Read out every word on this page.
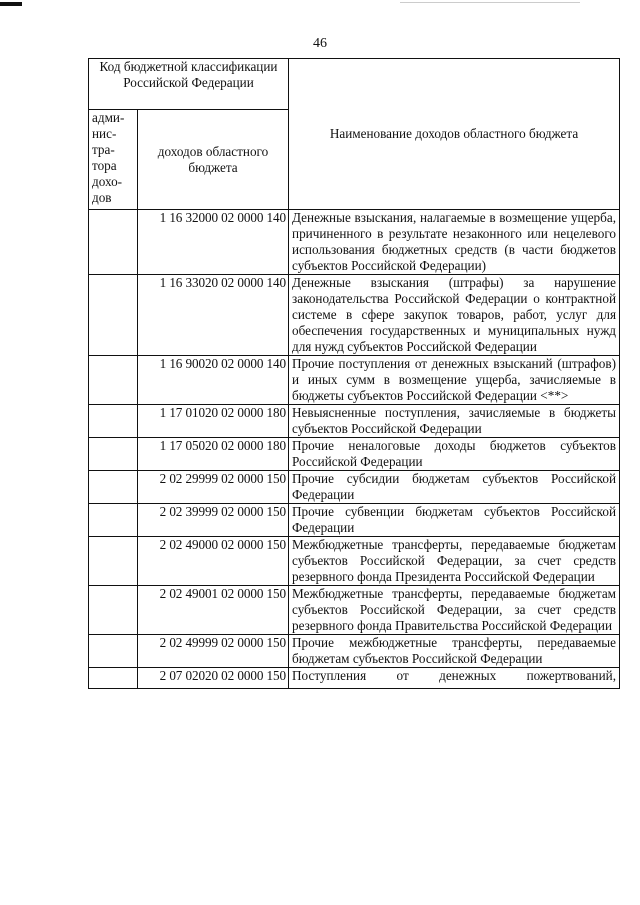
46
Код бюджетной классификации Российской Федерации		Наименование доходов областного бюджета
адми-нис-тра-тора дохо-дов	доходов областного бюджета	
	1 16 32000 02 0000 140	Денежные взыскания, налагаемые в возмещение ущерба, причиненного в результате незаконного или нецелевого использования бюджетных средств (в части бюджетов субъектов Российской Федерации)
	1 16 33020 02 0000 140	Денежные взыскания (штрафы) за нарушение законодательства Российской Федерации о контрактной системе в сфере закупок товаров, работ, услуг для обеспечения государственных и муниципальных нужд для нужд субъектов Российской Федерации
	1 16 90020 02 0000 140	Прочие поступления от денежных взысканий (штрафов) и иных сумм в возмещение ущерба, зачисляемые в бюджеты субъектов Российской Федерации <**>
	1 17 01020 02 0000 180	Невыясненные поступления, зачисляемые в бюджеты субъектов Российской Федерации
	1 17 05020 02 0000 180	Прочие неналоговые доходы бюджетов субъектов Российской Федерации
	2 02 29999 02 0000 150	Прочие субсидии бюджетам субъектов Российской Федерации
	2 02 39999 02 0000 150	Прочие субвенции бюджетам субъектов Российской Федерации
	2 02 49000 02 0000 150	Межбюджетные трансферты, передаваемые бюджетам субъектов Российской Федерации, за счет средств резервного фонда Президента Российской Федерации
	2 02 49001 02 0000 150	Межбюджетные трансферты, передаваемые бюджетам субъектов Российской Федерации, за счет средств резервного фонда Правительства Российской Федерации
	2 02 49999 02 0000 150	Прочие межбюджетные трансферты, передаваемые бюджетам субъектов Российской Федерации
	2 07 02020 02 0000 150	Поступления от денежных пожертвований,
